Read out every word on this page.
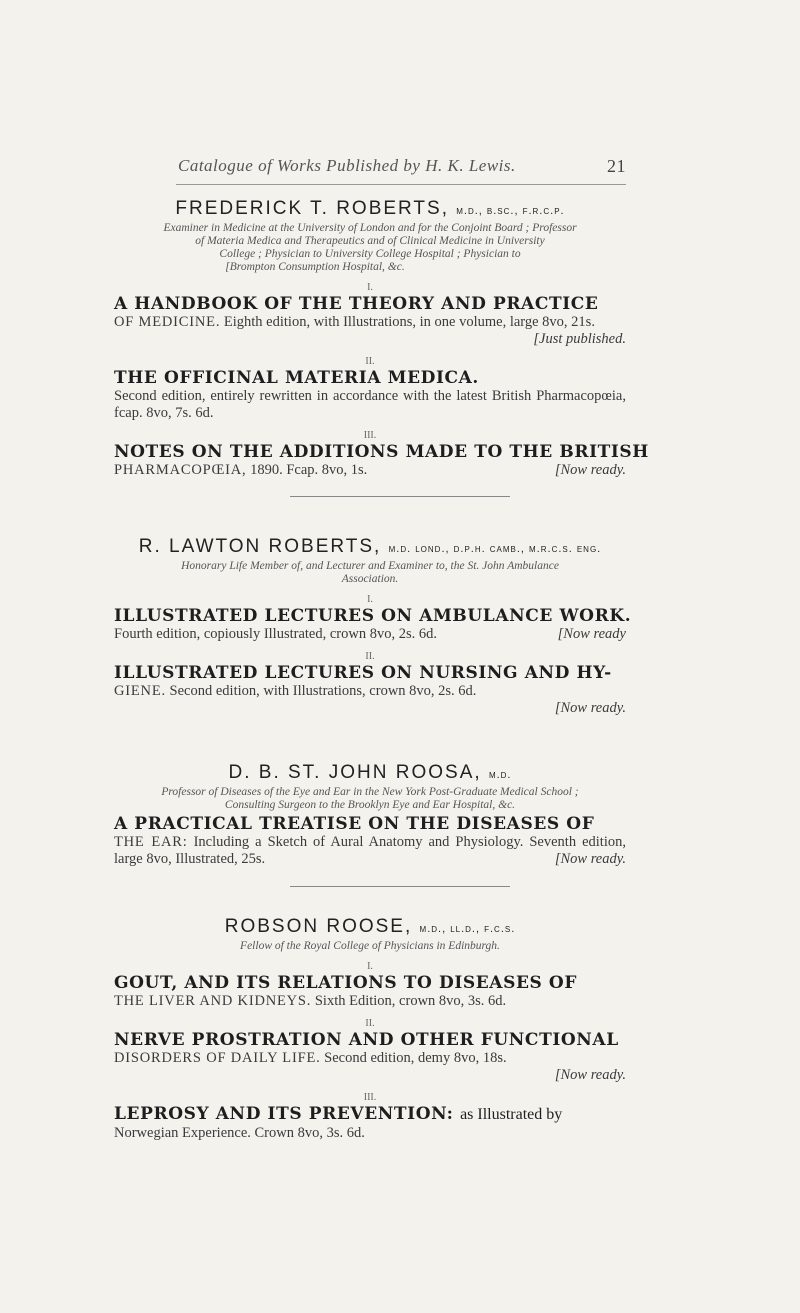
Catalogue of Works Published by H. K. Lewis.	21
FREDERICK T. ROBERTS, m.d., b.sc., f.r.c.p.
Examiner in Medicine at the University of London and for the Conjoint Board ; Professor
of Materia Medica and Therapeutics and of Clinical Medicine in University
College ; Physician to University College Hospital ; Physician to
[Brompton Consumption Hospital, &c.
I.
A HANDBOOK OF THE THEORY AND PRACTICE
OF MEDICINE. Eighth edition, with Illustrations, in one volume, large 8vo, 21s.
[Just published.
II.
THE OFFICINAL MATERIA MEDICA.
Second edition, entirely rewritten in accordance with the latest British Pharmacopœia, fcap. 8vo, 7s. 6d.
III.
NOTES ON THE ADDITIONS MADE TO THE BRITISH
PHARMACOPŒIA, 1890. Fcap. 8vo, 1s.	[Now ready.
R. LAWTON ROBERTS, m.d. lond., d.p.h. camb., m.r.c.s. eng.
Honorary Life Member of, and Lecturer and Examiner to, the St. John Ambulance
Association.
I.
ILLUSTRATED LECTURES ON AMBULANCE WORK.
Fourth edition, copiously Illustrated, crown 8vo, 2s. 6d.	[Now ready
II.
ILLUSTRATED LECTURES ON NURSING AND HY-
GIENE. Second edition, with Illustrations, crown 8vo, 2s. 6d.
[Now ready.
D. B. ST. JOHN ROOSA, m.d.
Professor of Diseases of the Eye and Ear in the New York Post-Graduate Medical School ;
Consulting Surgeon to the Brooklyn Eye and Ear Hospital, &c.
A PRACTICAL TREATISE ON THE DISEASES OF
THE EAR: Including a Sketch of Aural Anatomy and Physiology. Seventh edition, large 8vo, Illustrated, 25s.	[Now ready.
ROBSON ROOSE, m.d., ll.d., f.c.s.
Fellow of the Royal College of Physicians in Edinburgh.
I.
GOUT, AND ITS RELATIONS TO DISEASES OF
THE LIVER AND KIDNEYS. Sixth Edition, crown 8vo, 3s. 6d.
II.
NERVE PROSTRATION AND OTHER FUNCTIONAL
DISORDERS OF DAILY LIFE. Second edition, demy 8vo, 18s.
[Now ready.
III.
LEPROSY AND ITS PREVENTION: as Illustrated by
Norwegian Experience. Crown 8vo, 3s. 6d.
